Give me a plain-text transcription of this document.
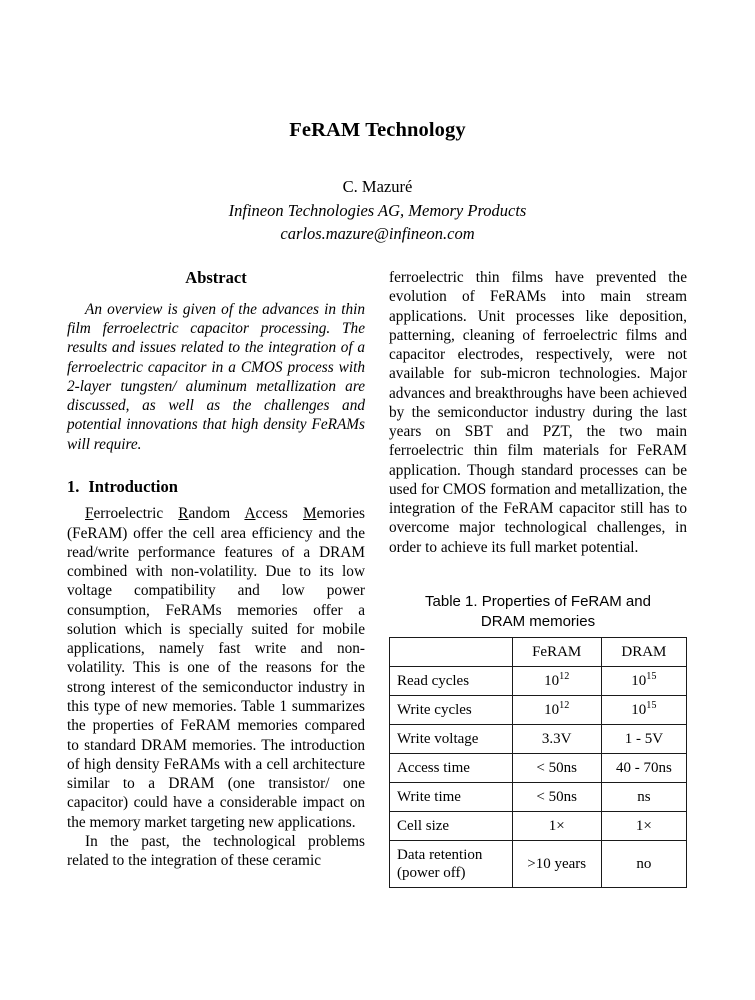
FeRAM Technology
C. Mazuré
Infineon Technologies AG, Memory Products
carlos.mazure@infineon.com
Abstract

An overview is given of the advances in thin film ferroelectric capacitor processing. The results and issues related to the integration of a ferroelectric capacitor in a CMOS process with 2-layer tungsten/ aluminum metallization are discussed, as well as the challenges and potential innovations that high density FeRAMs will require.

1. Introduction

Ferroelectric Random Access Memories (FeRAM) offer the cell area efficiency and the read/write performance features of a DRAM combined with non-volatility. Due to its low voltage compatibility and low power consumption, FeRAMs memories offer a solution which is specially suited for mobile applications, namely fast write and non-volatility. This is one of the reasons for the strong interest of the semiconductor industry in this type of new memories. Table 1 summarizes the properties of FeRAM memories compared to standard DRAM memories. The introduction of high density FeRAMs with a cell architecture similar to a DRAM (one transistor/ one capacitor) could have a considerable impact on the memory market targeting new applications.

In the past, the technological problems related to the integration of these ceramic

ferroelectric thin films have prevented the evolution of FeRAMs into main stream applications. Unit processes like deposition, patterning, cleaning of ferroelectric films and capacitor electrodes, respectively, were not available for sub-micron technologies. Major advances and breakthroughs have been achieved by the semiconductor industry during the last years on SBT and PZT, the two main ferroelectric thin film materials for FeRAM application. Though standard processes can be used for CMOS formation and metallization, the integration of the FeRAM capacitor still has to overcome major technological challenges, in order to achieve its full market potential.

Table 1. Properties of FeRAM and
DRAM memories
	FeRAM	DRAM
Read cycles	$10^{12}$	$10^{15}$
Write cycles	$10^{12}$	$10^{15}$
Write voltage	3.3V	1 - 5V
Access time	< 50ns	40 - 70ns
Write time	< 50ns	ns
Cell size	1×	1×

Data retention
(power off)	>10 years	no
